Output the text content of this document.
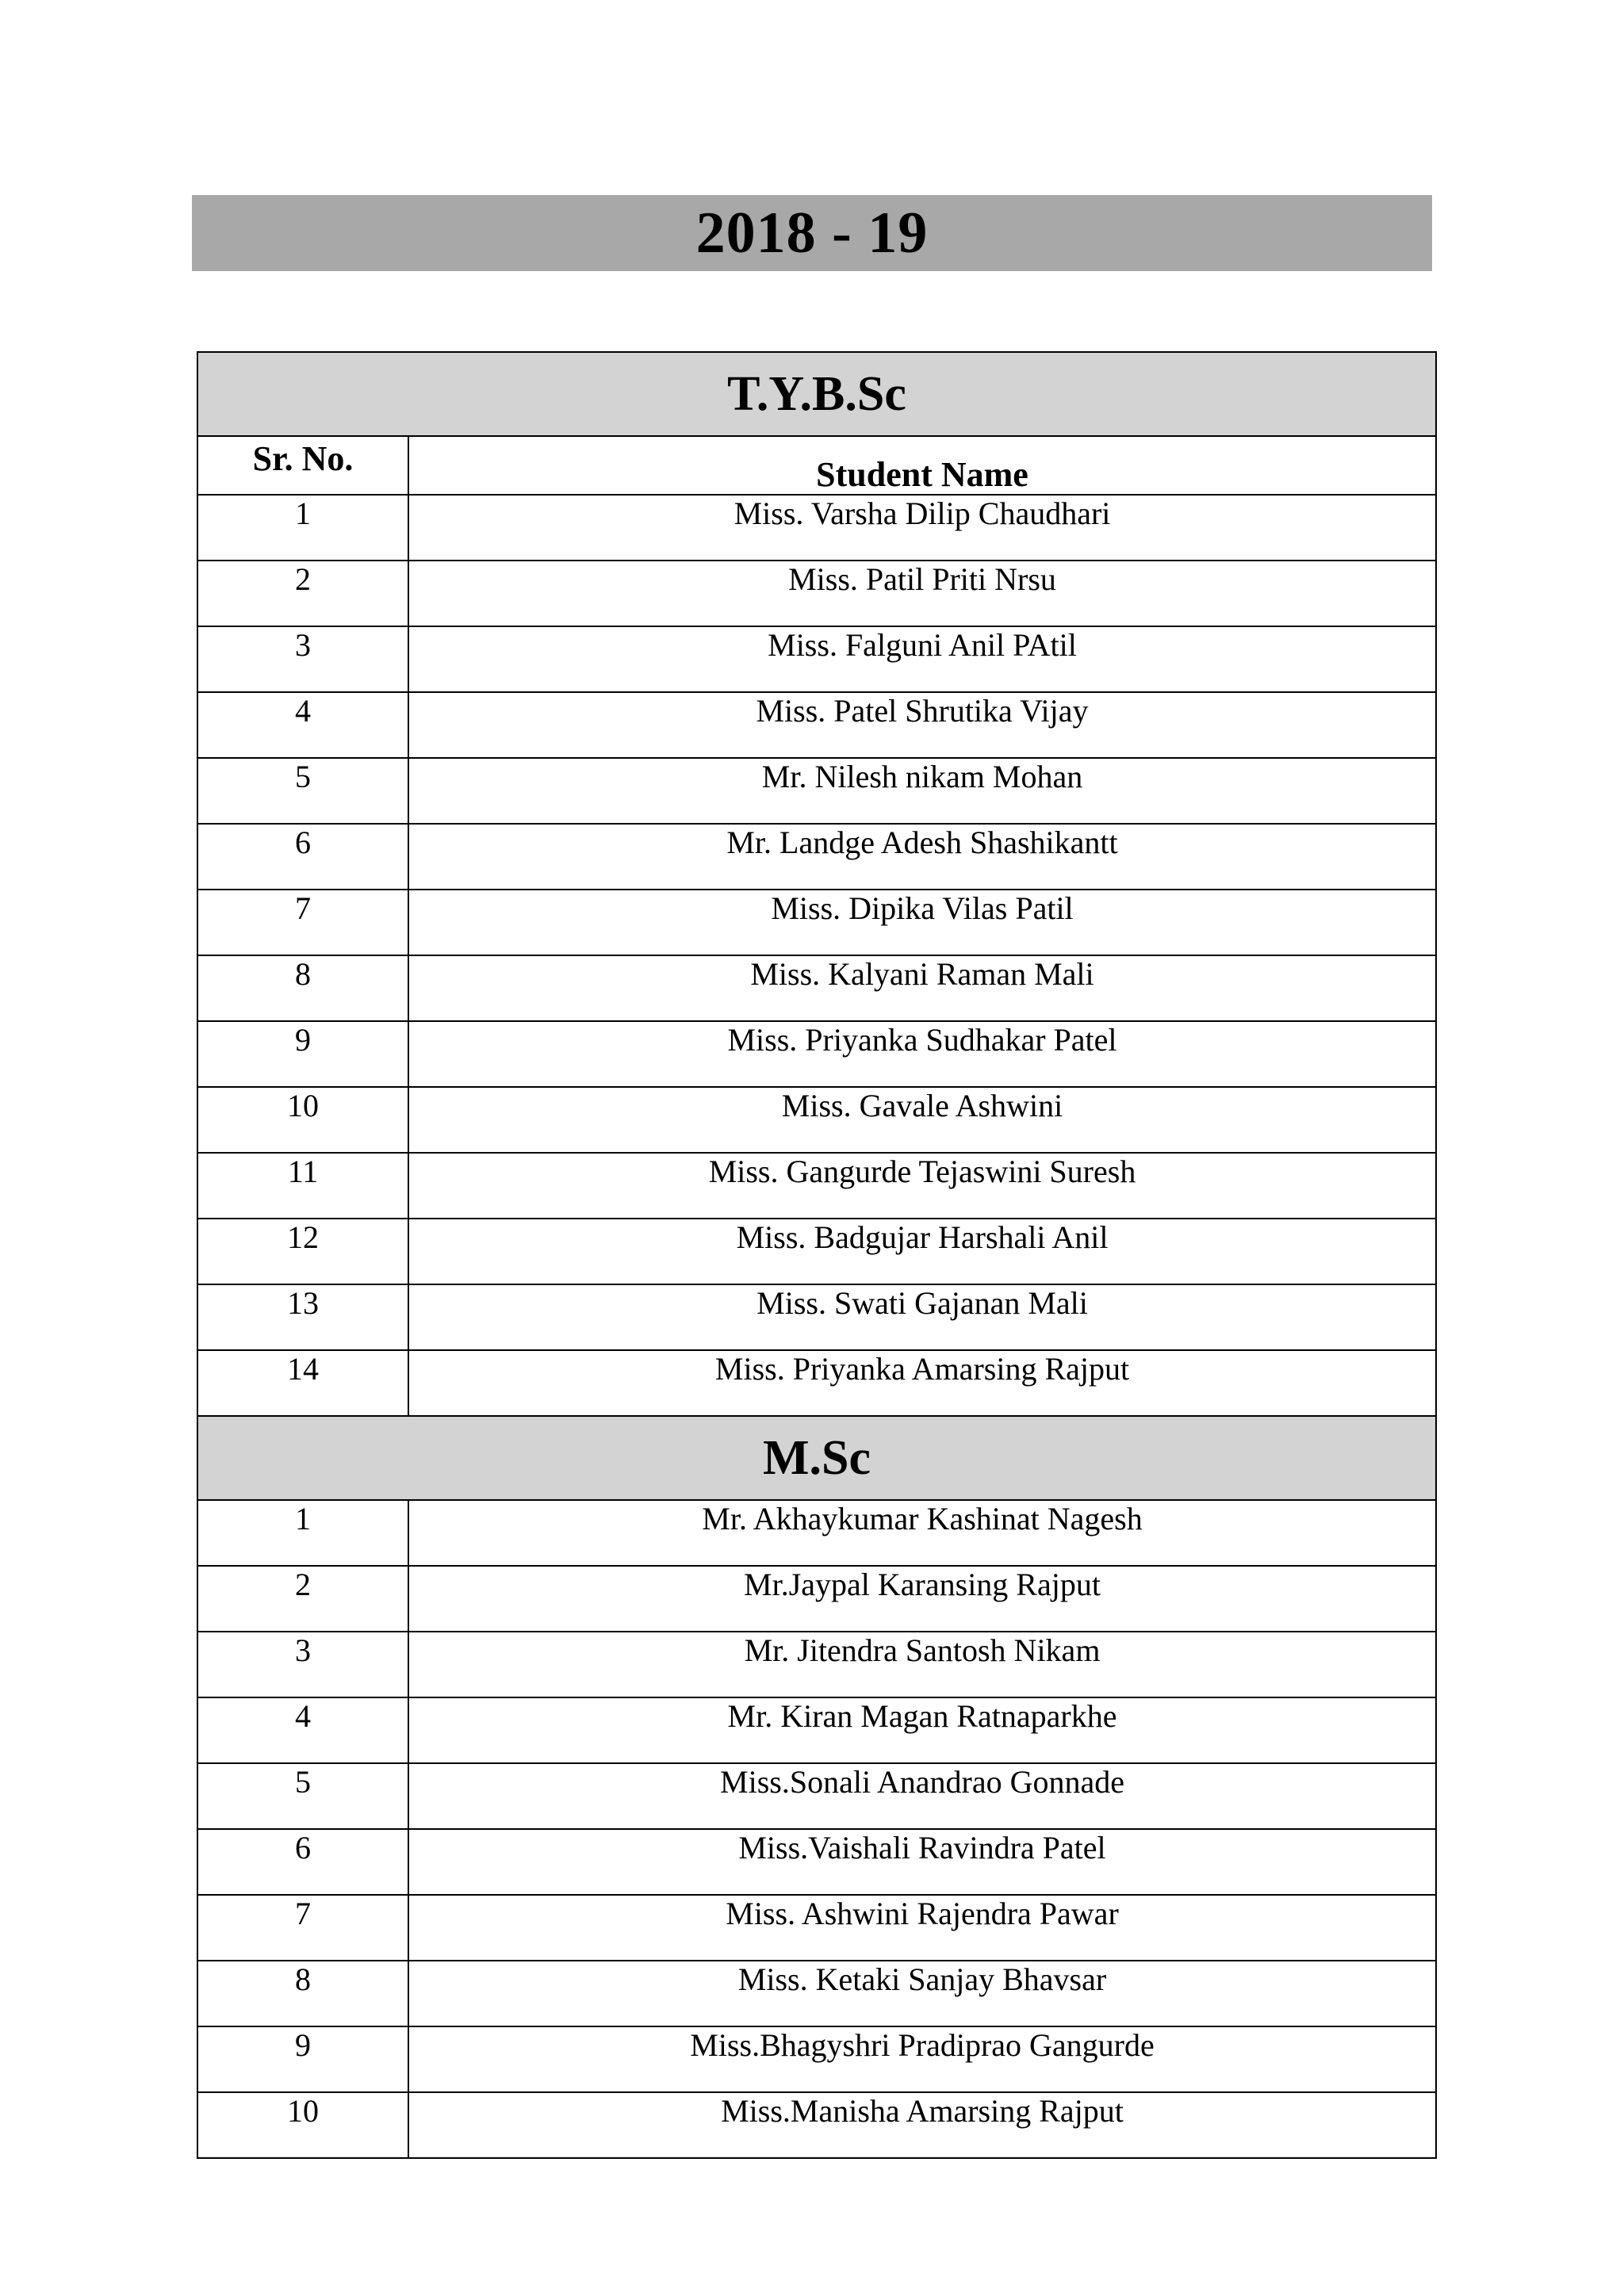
2018 - 19
T.Y.B.Sc	
Sr. No.	Student Name
1	Miss. Varsha Dilip Chaudhari
2	Miss. Patil Priti Nrsu
3	Miss. Falguni Anil PAtil
4	Miss. Patel Shrutika Vijay
5	Mr. Nilesh nikam Mohan
6	Mr. Landge Adesh Shashikantt
7	Miss. Dipika Vilas Patil
8	Miss. Kalyani Raman Mali
9	Miss. Priyanka Sudhakar Patel
10	Miss. Gavale Ashwini
11	Miss. Gangurde Tejaswini Suresh
12	Miss. Badgujar Harshali Anil
13	Miss. Swati Gajanan Mali
14	Miss. Priyanka Amarsing Rajput
M.Sc	
1	Mr. Akhaykumar Kashinat Nagesh
2	Mr.Jaypal Karansing Rajput
3	Mr. Jitendra Santosh Nikam
4	Mr. Kiran Magan Ratnaparkhe
5	Miss.Sonali Anandrao Gonnade
6	Miss.Vaishali Ravindra Patel
7	Miss. Ashwini Rajendra Pawar
8	Miss. Ketaki Sanjay Bhavsar
9	Miss.Bhagyshri Pradiprao Gangurde
10	Miss.Manisha Amarsing Rajput
